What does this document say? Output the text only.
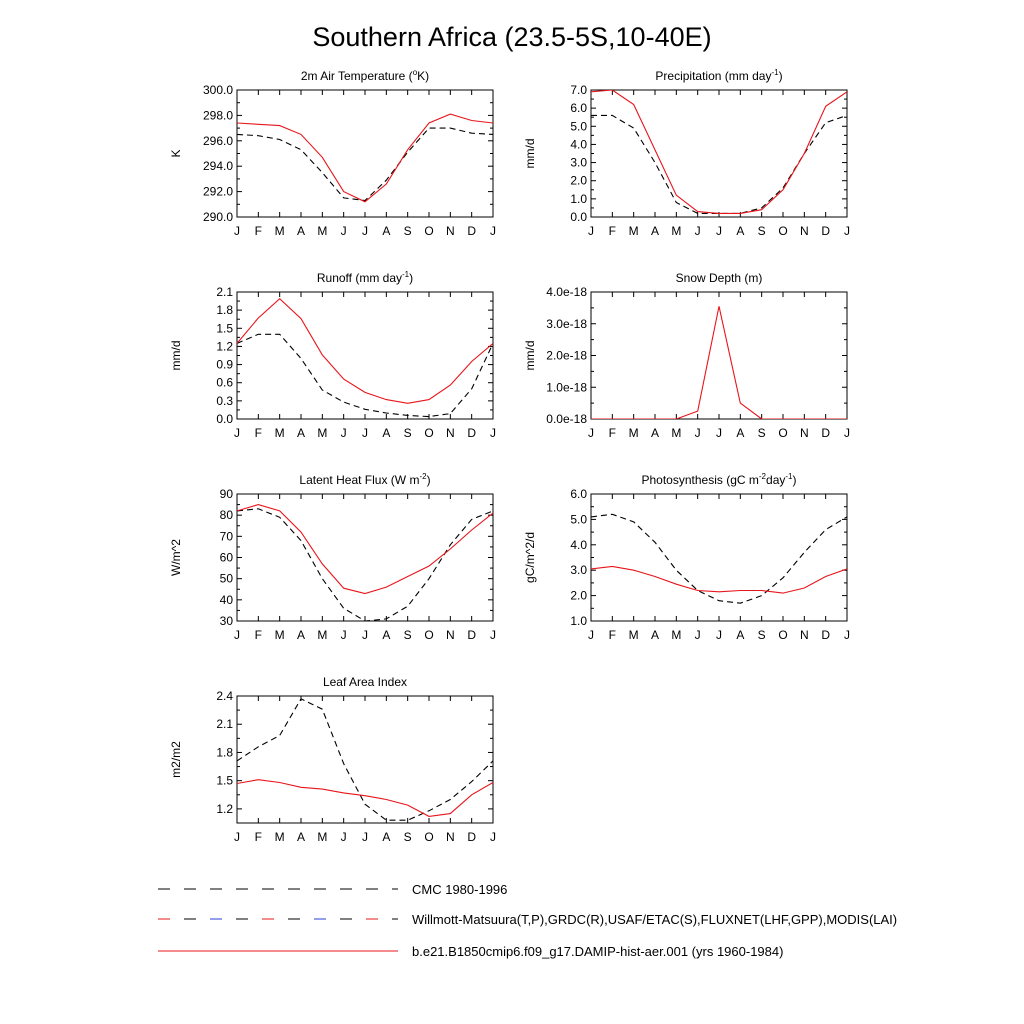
Southern Africa (23.5-5S,10-40E)
2m Air Temperature (oK)
K
290.0
292.0
294.0
296.0
298.0
300.0
J F M A M J J A S O N D J
Precipitation (mm day-1)
mm/d
0.0
1.0
2.0
3.0
4.0
5.0
6.0
7.0
J F M A M J J A S O N D J
Runoff (mm day-1)
mm/d
0.0
0.3
0.6
0.9
1.2
1.5
1.8
2.1
J F M A M J J A S O N D J
Snow Depth (m)
mm/d
0.0e-18
1.0e-18
2.0e-18
3.0e-18
4.0e-18
J F M A M J J A S O N D J
Latent Heat Flux (W m-2)
W/m^2
30
40
50
60
70
80
90
J F M A M J J A S O N D J
Photosynthesis (gC m-2day-1)
gC/m^2/d
1.0
2.0
3.0
4.0
5.0
6.0
J F M A M J J A S O N D J
Leaf Area Index
m2/m2
1.2
1.5
1.8
2.1
2.4
J F M A M J J A S O N D J
CMC 1980-1996
Willmott-Matsuura(T,P),GRDC(R),USAF/ETAC(S),FLUXNET(LHF,GPP),MODIS(LAI)
b.e21.B1850cmip6.f09_g17.DAMIP-hist-aer.001 (yrs 1960-1984)
